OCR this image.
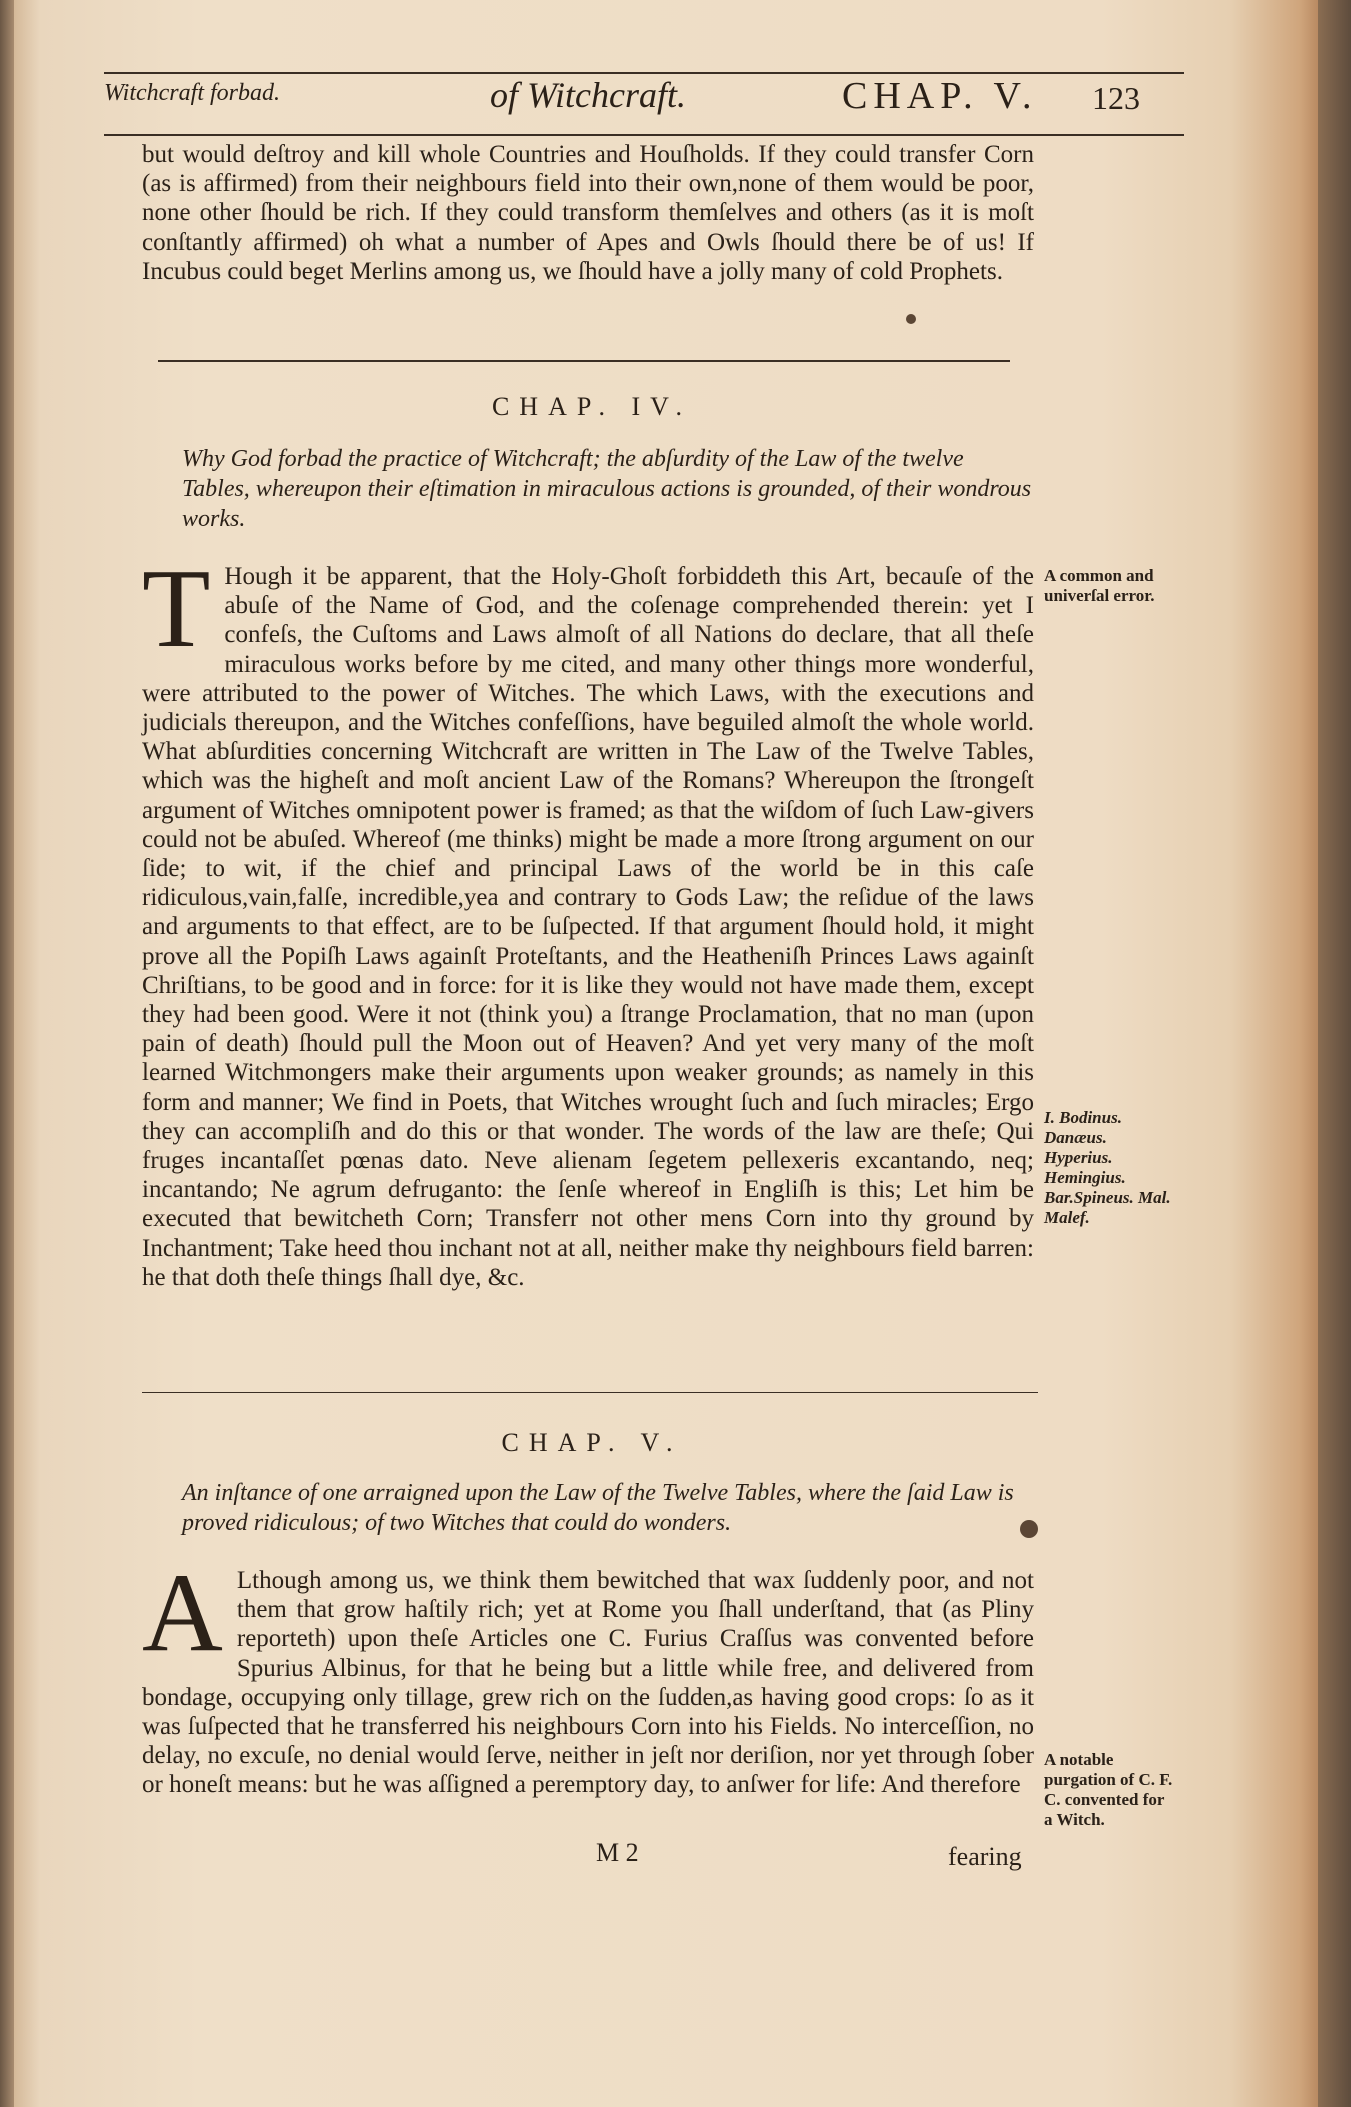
Witchcraft forbad.	of Witchcraft.	CHAP. V. 123

but would deſtroy and kill whole Countries and Houſholds. If they could transfer Corn (as is affirmed) from their neighbours field into their own,none of them would be poor, none other ſhould be rich. If they could transform themſelves and others (as it is moſt conſtantly affirmed) oh what a number of Apes and Owls ſhould there be of us! If Incubus could beget Merlins among us, we ſhould have a jolly many of cold Prophets.

CHAP. IV.
Why God forbad the practice of Witchcraft; the abſurdity of the Law of the twelve Tables, whereupon their eſtimation in miraculous actions is grounded, of their wondrous works.
T Hough it be apparent, that the Holy-Ghoſt forbiddeth this Art, becauſe of the abuſe of the Name of God, and the coſenage comprehended therein: yet I confeſs, the Cuſtoms and Laws almoſt of all Nations do declare, that all theſe miraculous works before by me cited, and many other things more wonderful, were attributed to the power of Witches. The which Laws, with the executions and judicials thereupon, and the Witches confeſſions, have beguiled almoſt the whole world. What abſurdities concerning Witchcraft are written in The Law of the Twelve Tables, which was the higheſt and moſt ancient Law of the Romans? Whereupon the ſtrongeſt argument of Witches omnipotent power is framed; as that the wiſdom of ſuch Law-givers could not be abuſed. Whereof (me thinks) might be made a more ſtrong argument on our ſide; to wit, if the chief and principal Laws of the world be in this caſe ridiculous,vain,falſe, incredible,yea and contrary to Gods Law; the reſidue of the laws and arguments to that effect, are to be ſuſpected. If that argument ſhould hold, it might prove all the Popiſh Laws againſt Proteſtants, and the Heatheniſh Princes Laws againſt Chriſtians, to be good and in force: for it is like they would not have made them, except they had been good. Were it not (think you) a ſtrange Proclamation, that no man (upon pain of death) ſhould pull the Moon out of Heaven? And yet very many of the moſt learned Witchmongers make their arguments upon weaker grounds; as namely in this form and manner; We find in Poets, that Witches wrought ſuch and ſuch miracles; Ergo they can accompliſh and do this or that wonder. The words of the law are theſe; Qui fruges incantaſſet pœnas dato. Neve alienam ſegetem pellexeris excantando, neq; incantando; Ne agrum defruganto: the ſenſe whereof in Engliſh is this; Let him be executed that bewitcheth Corn; Transferr not other mens Corn into thy ground by Inchantment; Take heed thou inchant not at all, neither make thy neighbours field barren: he that doth theſe things ſhall dye, &c.

A common and univerſal error.
I. Bodinus. Danæus. Hyperius. Hemingius. Bar.Spineus. Mal. Malef.
CHAP. V.
An inſtance of one arraigned upon the Law of the Twelve Tables, where the ſaid Law is proved ridiculous; of two Witches that could do wonders.
A Lthough among us, we think them bewitched that wax ſuddenly poor, and not them that grow haſtily rich; yet at Rome you ſhall underſtand, that (as Pliny reporteth) upon theſe Articles one C. Furius Craſſus was convented before Spurius Albinus, for that he being but a little while free, and delivered from bondage, occupying only tillage, grew rich on the ſudden,as having good crops: ſo as it was ſuſpected that he transferred his neighbours Corn into his Fields. No interceſſion, no delay, no excuſe, no denial would ſerve, neither in jeſt nor deriſion, nor yet through ſober or honeſt means: but he was aſſigned a peremptory day, to anſwer for life: And therefore

A notable purgation of C. F. C. convented for a Witch.
M 2	fearing
